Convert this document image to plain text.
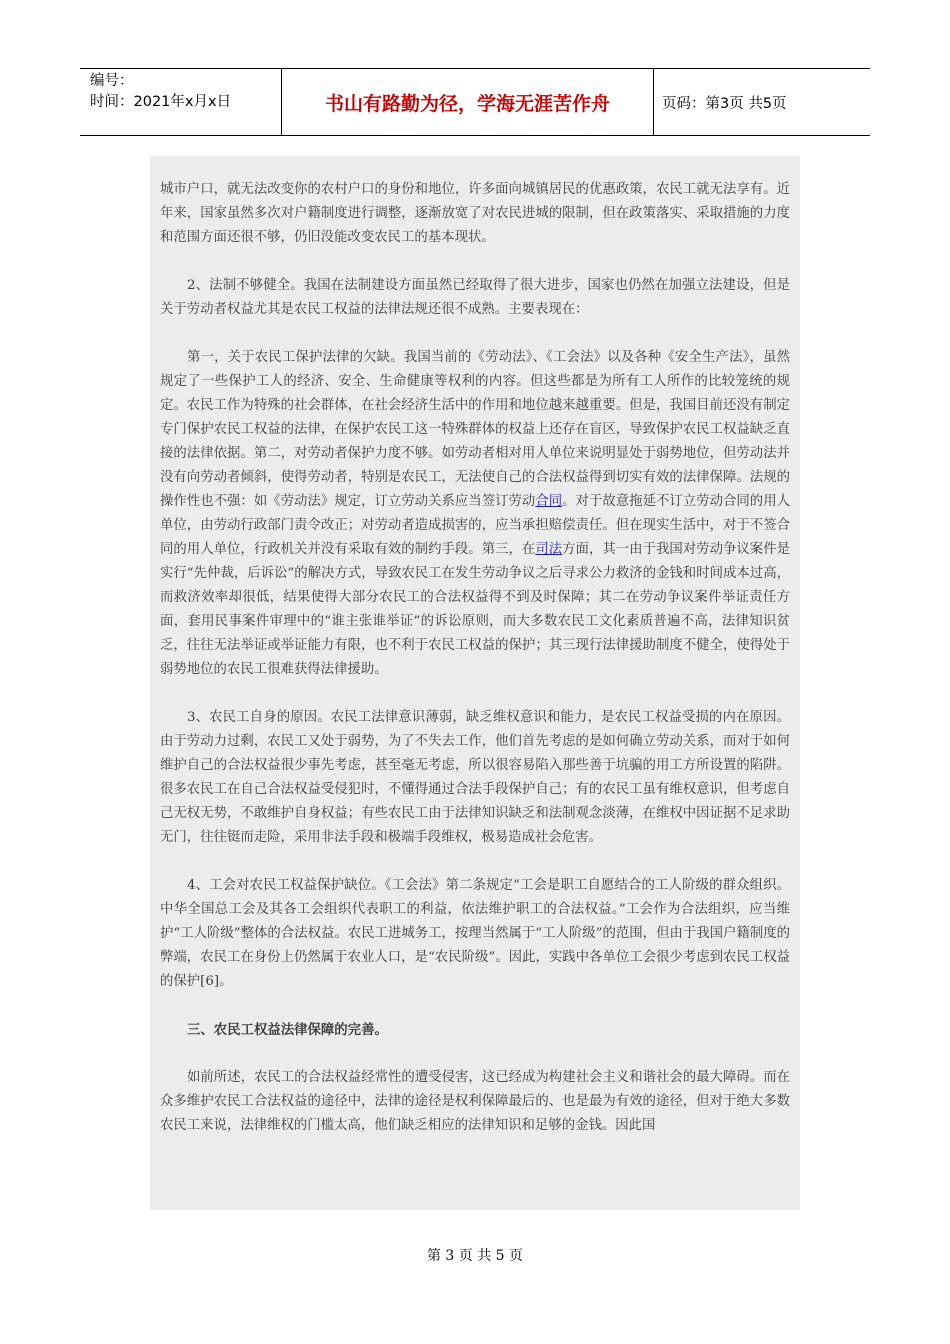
编号：
时间：2021年x月x日	书山有路勤为径，学海无涯苦作舟	页码：第3页 共5页

城市户口，就无法改变你的农村户口的身份和地位，许多面向城镇居民的优惠政策，农民工就无法享有。近年来，国家虽然多次对户籍制度进行调整，逐渐放宽了对农民进城的限制，但在政策落实、采取措施的力度和范围方面还很不够，仍旧没能改变农民工的基本现状。

2、法制不够健全。我国在法制建设方面虽然已经取得了很大进步，国家也仍然在加强立法建设，但是关于劳动者权益尤其是农民工权益的法律法规还很不成熟。主要表现在：

第一，关于农民工保护法律的欠缺。我国当前的《劳动法》、《工会法》以及各种《安全生产法》，虽然规定了一些保护工人的经济、安全、生命健康等权利的内容。但这些都是为所有工人所作的比较笼统的规定。农民工作为特殊的社会群体，在社会经济生活中的作用和地位越来越重要。但是，我国目前还没有制定专门保护农民工权益的法律，在保护农民工这一特殊群体的权益上还存在盲区，导致保护农民工权益缺乏直接的法律依据。第二，对劳动者保护力度不够。如劳动者相对用人单位来说明显处于弱势地位，但劳动法并没有向劳动者倾斜，使得劳动者，特别是农民工，无法使自己的合法权益得到切实有效的法律保障。法规的操作性也不强：如《劳动法》规定，订立劳动关系应当签订劳动合同。对于故意拖延不订立劳动合同的用人单位，由劳动行政部门责令改正；对劳动者造成损害的，应当承担赔偿责任。但在现实生活中，对于不签合同的用人单位，行政机关并没有采取有效的制约手段。第三，在司法方面，其一由于我国对劳动争议案件是实行“先仲裁，后诉讼”的解决方式，导致农民工在发生劳动争议之后寻求公力救济的金钱和时间成本过高，而救济效率却很低，结果使得大部分农民工的合法权益得不到及时保障；其二在劳动争议案件举证责任方面，套用民事案件审理中的“谁主张谁举证”的诉讼原则，而大多数农民工文化素质普遍不高，法律知识贫乏，往往无法举证或举证能力有限，也不利于农民工权益的保护；其三现行法律援助制度不健全，使得处于弱势地位的农民工很难获得法律援助。

3、农民工自身的原因。农民工法律意识薄弱，缺乏维权意识和能力，是农民工权益受损的内在原因。由于劳动力过剩，农民工又处于弱势，为了不失去工作，他们首先考虑的是如何确立劳动关系，而对于如何维护自己的合法权益很少事先考虑，甚至毫无考虑，所以很容易陷入那些善于坑骗的用工方所设置的陷阱。很多农民工在自己合法权益受侵犯时，不懂得通过合法手段保护自己；有的农民工虽有维权意识，但考虑自己无权无势，不敢维护自身权益；有些农民工由于法律知识缺乏和法制观念淡薄，在维权中因证据不足求助无门，往往铤而走险，采用非法手段和极端手段维权，极易造成社会危害。

4、工会对农民工权益保护缺位。《工会法》第二条规定“工会是职工自愿结合的工人阶级的群众组织。中华全国总工会及其各工会组织代表职工的利益，依法维护职工的合法权益。”工会作为合法组织，应当维护“工人阶级”整体的合法权益。农民工进城务工，按理当然属于“工人阶级”的范围，但由于我国户籍制度的弊端，农民工在身份上仍然属于农业人口，是“农民阶级”。因此，实践中各单位工会很少考虑到农民工权益的保护[6]。

三、农民工权益法律保障的完善。

如前所述，农民工的合法权益经常性的遭受侵害，这已经成为构建社会主义和谐社会的最大障碍。而在众多维护农民工合法权益的途径中，法律的途径是权利保障最后的、也是最为有效的途径，但对于绝大多数农民工来说，法律维权的门槛太高，他们缺乏相应的法律知识和足够的金钱。因此国

第 3 页 共 5 页
